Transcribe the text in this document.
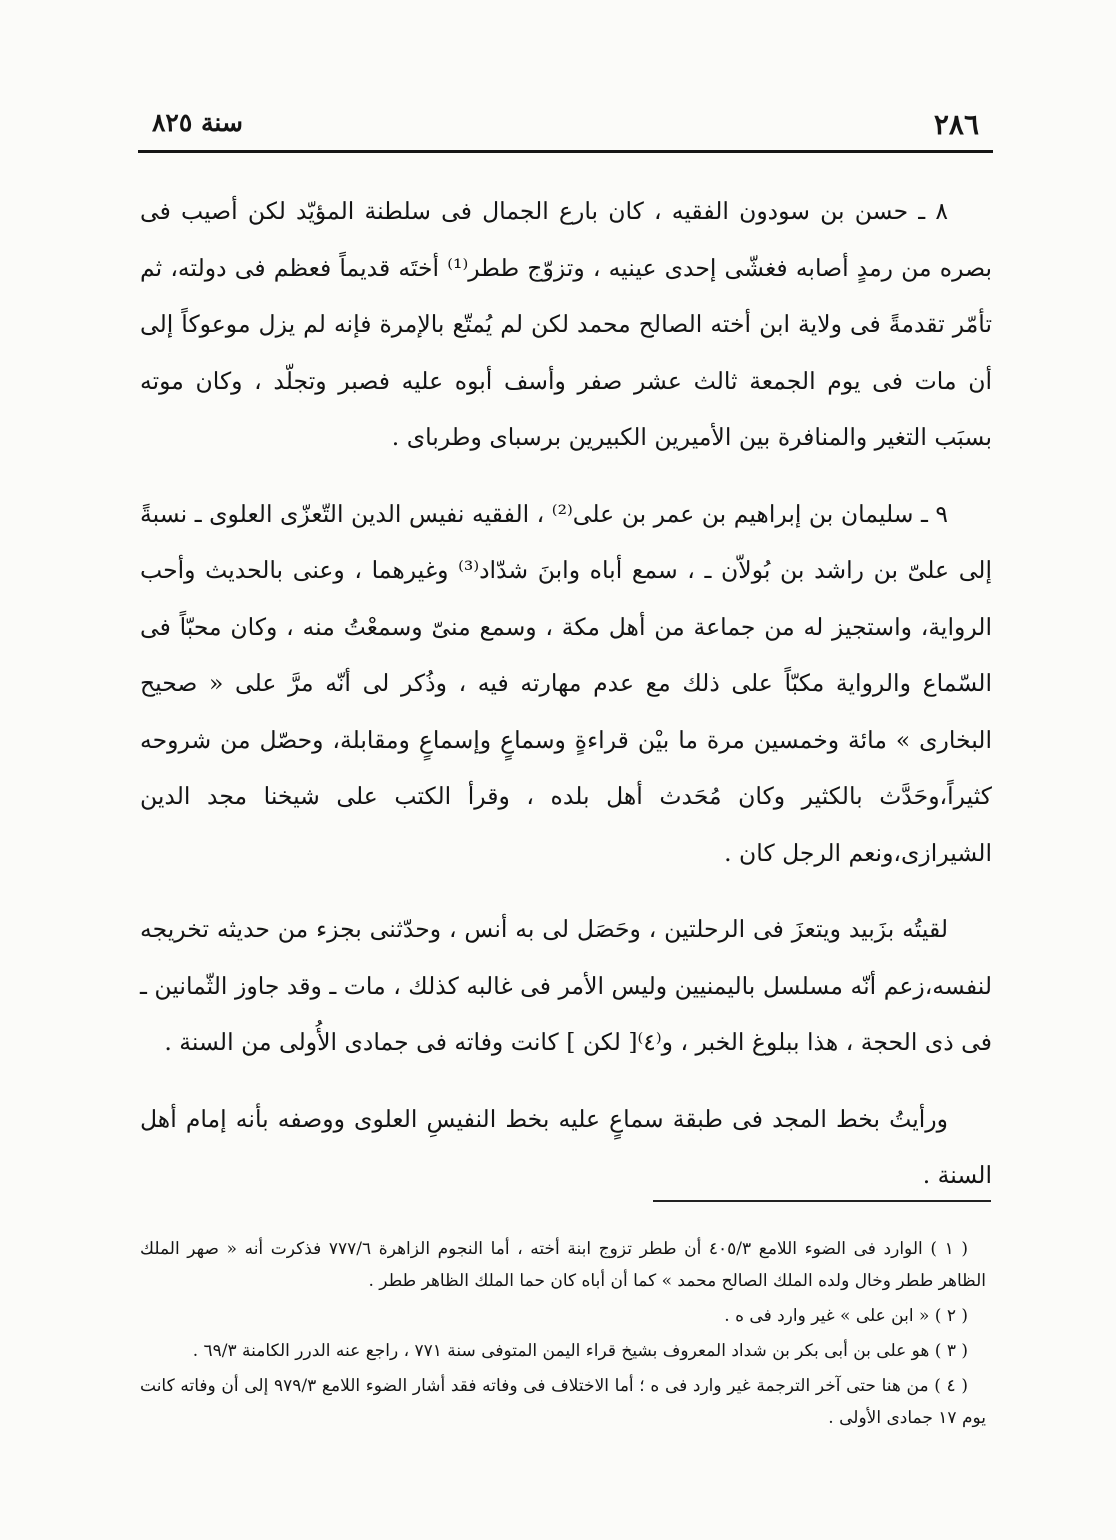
٢٨٦
سنة ٨٢٥

٨ ـ حسن بن سودون الفقيه ، كان بارع الجمال فى سلطنة المؤيّد لكن أصيب فى بصره من رمدٍ أصابه فغشّى إحدى عينيه ، وتزوّج ططر⁽¹⁾ أختَه قديماً فعظم فى دولته، ثم تأمّر تقدمةً فى ولاية ابن أخته الصالح محمد لكن لم يُمتّع بالإمرة فإنه لم يزل موعوكاً إلى أن مات فى يوم الجمعة ثالث عشر صفر وأسف أبوه عليه فصبر وتجلّد ، وكان موته بسبَب التغير والمنافرة بين الأميرين الكبيرين برسباى وطرباى .

٩ ـ سليمان بن إبراهيم بن عمر بن على⁽²⁾ ، الفقيه نفيس الدين التّعزّى العلوى ـ نسبةً إلى علىّ بن راشد بن بُولاّن ـ ، سمع أباه وابنَ شدّاد⁽³⁾ وغيرهما ، وعنى بالحديث وأحب الرواية، واستجيز له من جماعة من أهل مكة ، وسمع منىّ وسمعْتُ منه ، وكان محبّاً فى السّماع والرواية مكبّاً على ذلك مع عدم مهارته فيه ، وذُكر لى أنّه مرَّ على « صحيح البخارى » مائة وخمسين مرة ما بيْن قراءةٍ وسماعٍ وإسماعٍ ومقابلة، وحصّل من شروحه كثيراً،وحَدَّث بالكثير وكان مُحَدث أهل بلده ، وقرأ الكتب على شيخنا مجد الدين الشيرازى،ونعم الرجل كان .

لقيتُه بزَبيد ويتعزَ فى الرحلتين ، وحَصَل لى به أنس ، وحدّثنى بجزء من حديثه تخريجه لنفسه،زعم أنّه مسلسل باليمنيين وليس الأمر فى غالبه كذلك ، مات ـ وقد جاوز الثّمانين ـ فى ذى الحجة ، هذا ببلوغ الخبر ، و⁽٤⁾[ لكن ] كانت وفاته فى جمادى الأُولى من السنة .

ورأيتُ بخط المجد فى طبقة سماعٍ عليه بخط النفيسِ العلوى ووصفه بأنه إمام أهل السنة .

( ١ ) الوارد فى الضوء اللامع ٤٠٥/٣ أن ططر تزوج ابنة أخته ، أما النجوم الزاهرة ٧٧٧/٦ فذكرت أنه « صهر الملك الظاهر ططر وخال ولده الملك الصالح محمد » كما أن أباه كان حما الملك الظاهر ططر .

( ٢ ) « ابن على » غير وارد فى ه .

( ٣ ) هو على بن أبى بكر بن شداد المعروف بشيخ قراء اليمن المتوفى سنة ٧٧١ ، راجع عنه الدرر الكامنة ٦٩/٣ .

( ٤ ) من هنا حتى آخر الترجمة غير وارد فى ه ؛ أما الاختلاف فى وفاته فقد أشار الضوء اللامع ٩٧٩/٣ إلى أن وفاته كانت يوم ١٧ جمادى الأولى .
